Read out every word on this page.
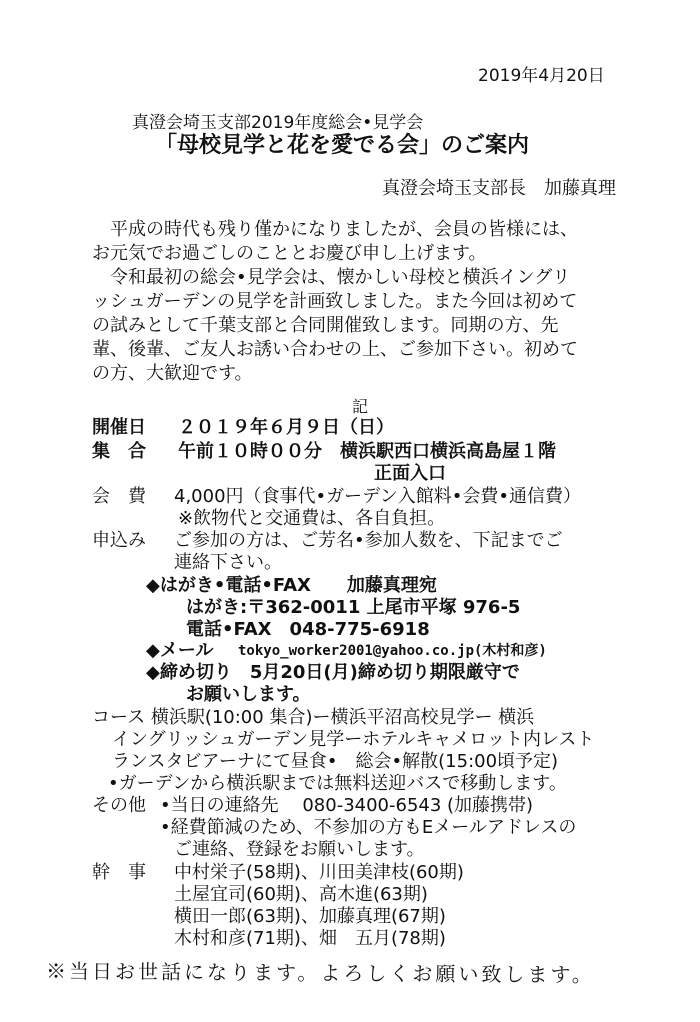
2019年4月20日
真澄会埼玉支部2019年度総会•見学会
「母校見学と花を愛でる会」のご案内
真澄会埼玉支部長　加藤真理
　平成の時代も残り僅かになりましたが、会員の皆様には、
お元気でお過ごしのこととお慶び申し上げます。
　令和最初の総会•見学会は、懐かしい母校と横浜イングリ
ッシュガーデンの見学を計画致しました。また今回は初めて
の試みとして千葉支部と合同開催致します。同期の方、先
輩、後輩、ご友人お誘い合わせの上、ご参加下さい。初めて
の方、大歓迎です。
記
開催日 ２０１９年６月９日（日）
集　合 午前１０時００分　横浜駅西口横浜高島屋１階
正面入口
会　費 4,000円（食事代•ガーデン入館料•会費•通信費）
※飲物代と交通費は、各自負担。
申込み ご参加の方は、ご芳名•参加人数を、下記までご
連絡下さい。
◆はがき•電話•FAX　　加藤真理宛
はがき:〒362-0011 上尾市平塚 976-5
電話•FAX　048-775-6918
◆メール tokyo_worker2001@yahoo.co.jp(木村和彦)
◆締め切り　5月20日(月)締め切り期限厳守で
お願いします。
コース 横浜駅(10:00 集合)ー横浜平沼高校見学ー 横浜
イングリッシュガーデン見学ーホテルキャメロット内レスト
ランスタビアーナにて昼食•　総会•解散(15:00頃予定)
•ガーデンから横浜駅までは無料送迎バスで移動します。
その他 •当日の連絡先　 080-3400-6543 (加藤携帯)
•経費節減のため、不参加の方もEメールアドレスの
ご連絡、登録をお願いします。
幹　事 中村栄子(58期)、川田美津枝(60期)
土屋宜司(60期)、高木進(63期)
横田一郎(63期)、加藤真理(67期)
木村和彦(71期)、畑　五月(78期)
※当日お世話になります。よろしくお願い致します。
